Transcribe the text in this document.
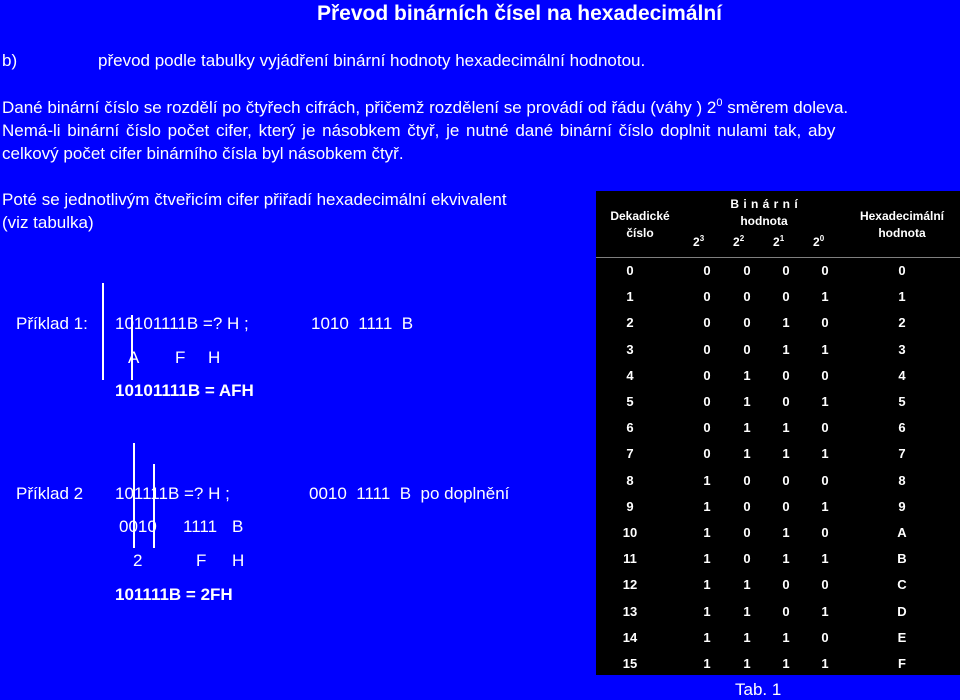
Převod binárních čísel na hexadecimální
b)	převod podle tabulky vyjádření binární hodnoty hexadecimální hodnotou.
Dané binární číslo se rozdělí po čtyřech cifrách, přičemž rozdělení se provádí od řádu (váhy ) $2^0$ směrem doleva.
Nemá-li binární číslo počet cifer, který je násobkem čtyř, je nutné dané binární číslo doplnit nulami tak, aby
celkový počet cifer binárního čísla byl násobkem čtyř.
Poté se jednotlivým čtveřicím cifer přiřadí hexadecimální ekvivalent
(viz tabulka)
Příklad 1: 10101111B =? H ;	1010  1111  B
A F H
10101111B = AFH
Příklad 2 101111B =? H ;	0010  1111  B  po doplnění
0010 1111 B
2	F H
101111B = 2FH
Dekadické
číslo
B i n á r n í
hodnota
$2^3$ $2^2$ $2^1$ $2^0$
Hexadecimální
hodnota
0	0	0	0	0	0
1	0	0	0	1	1
2	0	0	1	0	2
3	0	0	1	1	3
4	0	1	0	0	4
5	0	1	0	1	5
6	0	1	1	0	6
7	0	1	1	1	7
8	1	0	0	0	8
9	1	0	0	1	9
10	1	0	1	0	A
11	1	0	1	1	B
12	1	1	0	0	C
13	1	1	0	1	D
14	1	1	1	0	E
15	1	1	1	1	F
Tab. 1
